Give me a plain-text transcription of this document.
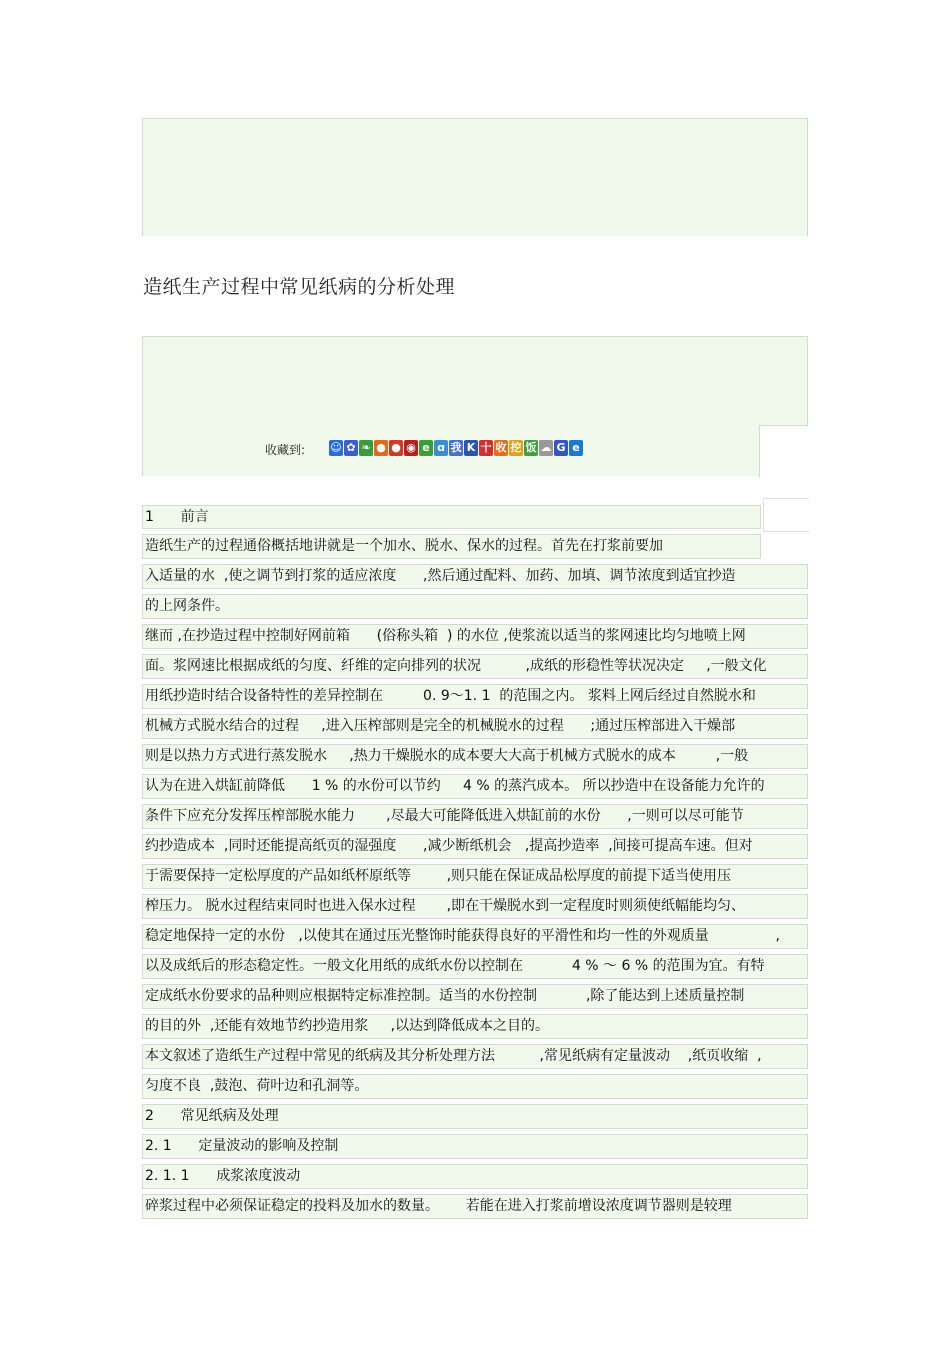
造纸生产过程中常见纸病的分析处理
收藏到: ☺ ✿ ❧ ● ● ◉ e ɑ 我 K 十 收 挖 饭 ☁ G e
1      前言
造纸生产的过程通俗概括地讲就是一个加水、脱水、保水的过程。首先在打浆前要加
入适量的水  ,使之调节到打浆的适应浓度      ,然后通过配料、加药、加填、调节浓度到适宜抄造
的上网条件。
继而 ,在抄造过程中控制好网前箱      (俗称头箱  ) 的水位 ,使浆流以适当的浆网速比均匀地喷上网
面。浆网速比根据成纸的匀度、纤维的定向排列的状况          ,成纸的形稳性等状况决定     ,一般文化
用纸抄造时结合设备特性的差异控制在         0. 9～1. 1  的范围之内。 浆料上网后经过自然脱水和
机械方式脱水结合的过程     ,进入压榨部则是完全的机械脱水的过程      ;通过压榨部进入干燥部
则是以热力方式进行蒸发脱水     ,热力干燥脱水的成本要大大高于机械方式脱水的成本         ,一般
认为在进入烘缸前降低      1 % 的水份可以节约     4 % 的蒸汽成本。 所以抄造中在设备能力允许的
条件下应充分发挥压榨部脱水能力       ,尽最大可能降低进入烘缸前的水份      ,一则可以尽可能节
约抄造成本  ,同时还能提高纸页的湿强度      ,减少断纸机会   ,提高抄造率  ,间接可提高车速。但对
于需要保持一定松厚度的产品如纸杯原纸等        ,则只能在保证成品松厚度的前提下适当使用压
榨压力。 脱水过程结束同时也进入保水过程       ,即在干燥脱水到一定程度时则须使纸幅能均匀、
稳定地保持一定的水份   ,以使其在通过压光整饰时能获得良好的平滑性和均一性的外观质量               ,
以及成纸后的形态稳定性。一般文化用纸的成纸水份以控制在           4 % ～ 6 % 的范围为宜。有特
定成纸水份要求的品种则应根据特定标准控制。适当的水份控制           ,除了能达到上述质量控制
的目的外  ,还能有效地节约抄造用浆     ,以达到降低成本之目的。
本文叙述了造纸生产过程中常见的纸病及其分析处理方法          ,常见纸病有定量波动    ,纸页收缩  ,
匀度不良  ,鼓泡、荷叶边和孔洞等。
2      常见纸病及处理
2. 1      定量波动的影响及控制
2. 1. 1      成浆浓度波动
碎浆过程中必须保证稳定的投料及加水的数量。      若能在进入打浆前增设浓度调节器则是较理
